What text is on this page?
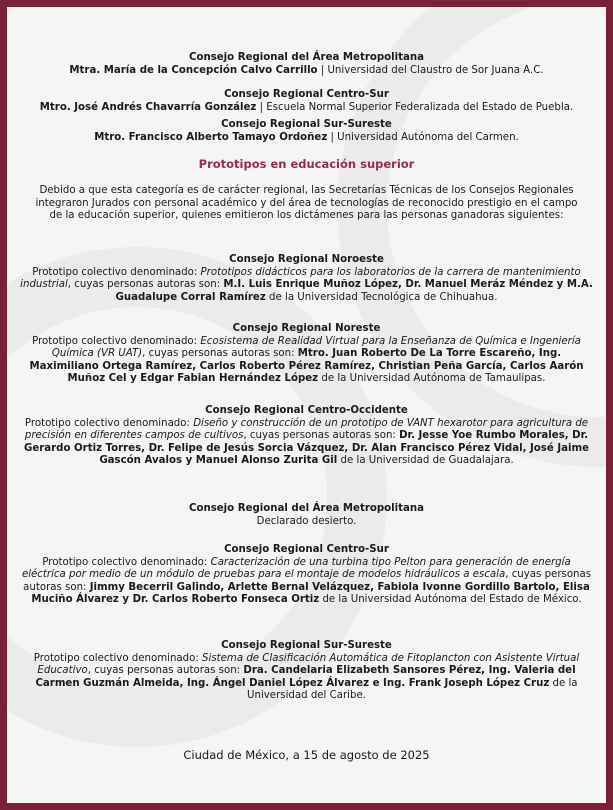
Consejo Regional del Área Metropolitana
Mtra. María de la Concepción Calvo Carrillo | Universidad del Claustro de Sor Juana A.C.
Consejo Regional Centro-Sur
Mtro. José Andrés Chavarría González | Escuela Normal Superior Federalizada del Estado de Puebla.
Consejo Regional Sur-Sureste
Mtro. Francisco Alberto Tamayo Ordoñez | Universidad Autónoma del Carmen.
Prototipos en educación superior
Debido a que esta categoría es de carácter regional, las Secretarías Técnicas de los Consejos Regionales integraron Jurados con personal académico y del área de tecnologías de reconocido prestigio en el campo de la educación superior, quienes emitieron los dictámenes para las personas ganadoras siguientes:
Consejo Regional Noroeste
Prototipo colectivo denominado: Prototipos didácticos para los laboratorios de la carrera de mantenimiento industrial, cuyas personas autoras son: M.I. Luis Enrique Muñoz López, Dr. Manuel Meráz Méndez y M.A. Guadalupe Corral Ramírez de la Universidad Tecnológica de Chihuahua.
Consejo Regional Noreste
Prototipo colectivo denominado: Ecosistema de Realidad Virtual para la Enseñanza de Química e Ingeniería Química (VR UAT), cuyas personas autoras son: Mtro. Juan Roberto De La Torre Escareño, Ing. Maximiliano Ortega Ramírez, Carlos Roberto Pérez Ramírez, Christian Peña García, Carlos Aarón Muñoz Cel y Edgar Fabian Hernández López de la Universidad Autónoma de Tamaulipas.
Consejo Regional Centro-Occidente
Prototipo colectivo denominado: Diseño y construcción de un prototipo de VANT hexarotor para agricultura de precisión en diferentes campos de cultivos, cuyas personas autoras son: Dr. Jesse Yoe Rumbo Morales, Dr. Gerardo Ortiz Torres, Dr. Felipe de Jesús Sorcia Vázquez, Dr. Alan Francisco Pérez Vidal, José Jaime Gascón Avalos y Manuel Alonso Zurita Gil de la Universidad de Guadalajara.
Consejo Regional del Área Metropolitana
Declarado desierto.
Consejo Regional Centro-Sur
Prototipo colectivo denominado: Caracterización de una turbina tipo Pelton para generación de energía eléctrica por medio de un módulo de pruebas para el montaje de modelos hidráulicos a escala, cuyas personas autoras son: Jimmy Becerril Galindo, Arlette Bernal Velázquez, Fabiola Ivonne Gordillo Bartolo, Elisa Muciño Álvarez y Dr. Carlos Roberto Fonseca Ortiz de la Universidad Autónoma del Estado de México.
Consejo Regional Sur-Sureste
Prototipo colectivo denominado: Sistema de Clasificación Automática de Fitoplancton con Asistente Virtual Educativo, cuyas personas autoras son: Dra. Candelaria Elizabeth Sansores Pérez, Ing. Valeria del Carmen Guzmán Almeida, Ing. Ángel Daniel López Álvarez e Ing. Frank Joseph López Cruz de la Universidad del Caribe.
Ciudad de México, a 15 de agosto de 2025
